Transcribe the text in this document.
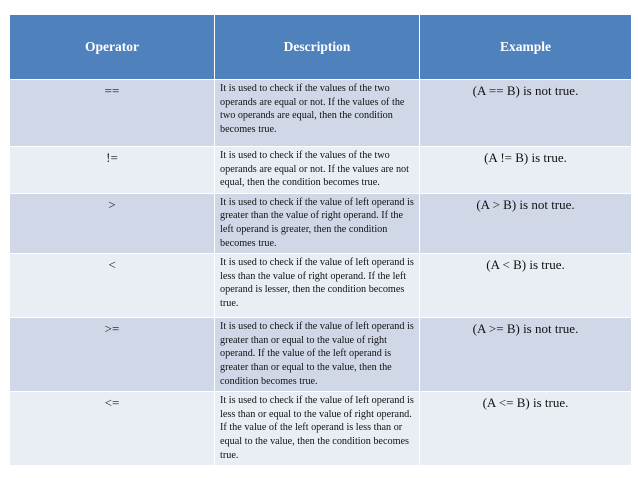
Operator	Description	Example
==	It is used to check if the values of the two operands are equal or not. If the values of the two operands are equal, then the condition becomes true.	(A == B) is not true.
!=	It is used to check if the values of the two operands are equal or not. If the values are not equal, then the condition becomes true.	(A != B) is true.
>	It is used to check if the value of left operand is greater than the value of right operand. If the left operand is greater, then the condition becomes true.	(A > B) is not true.
<	It is used to check if the value of left operand is less than the value of right operand. If the left operand is lesser, then the condition becomes true.	(A < B) is true.
>=	It is used to check if the value of left operand is greater than or equal to the value of right operand. If the value of the left operand is greater than or equal to the value, then the condition becomes true.	(A >= B) is not true.
<=	It is used to check if the value of left operand is less than or equal to the value of right operand. If the value of the left operand is less than or equal to the value, then the condition becomes true.	(A <= B) is true.
